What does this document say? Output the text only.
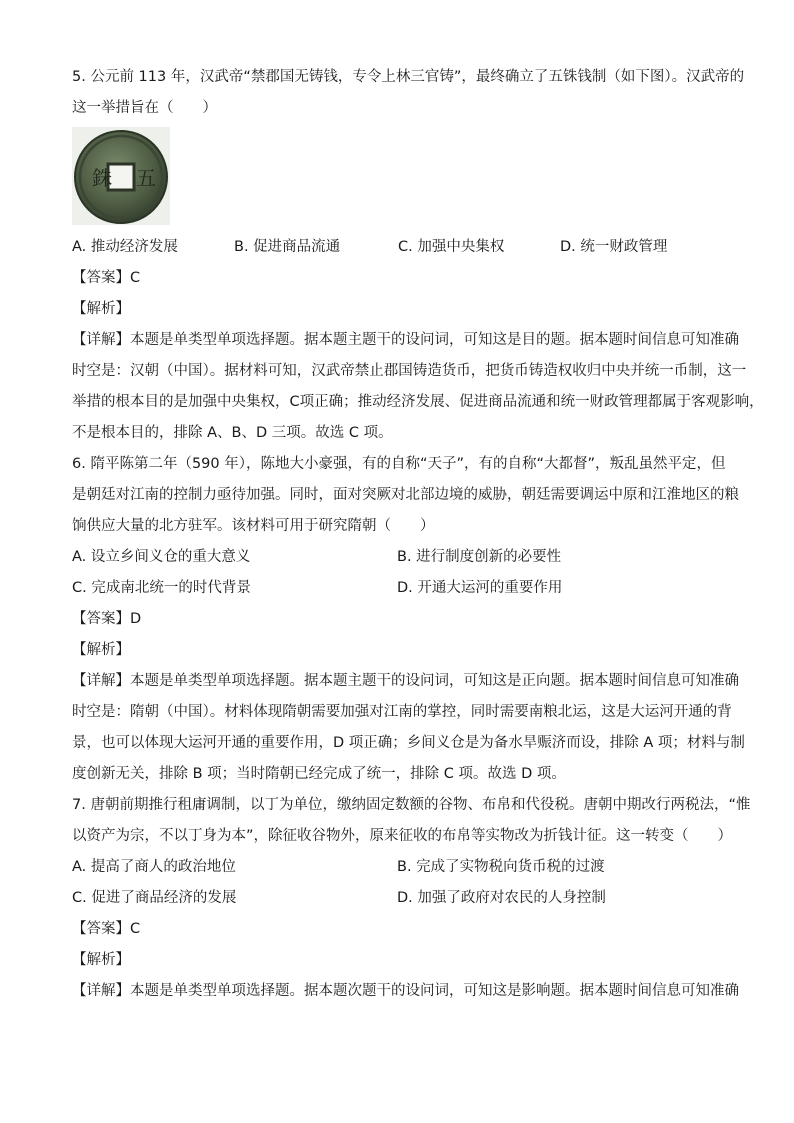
5. 公元前 113 年，汉武帝“禁郡国无铸钱，专令上林三官铸”，最终确立了五铢钱制（如下图）。汉武帝的
这一举措旨在（　　）
銖 五
A. 推动经济发展	B. 促进商品流通	C. 加强中央集权	D. 统一财政管理
【答案】C
【解析】
【详解】本题是单类型单项选择题。据本题主题干的设问词，可知这是目的题。据本题时间信息可知准确
时空是：汉朝（中国）。据材料可知，汉武帝禁止郡国铸造货币，把货币铸造权收归中央并统一币制，这一
举措的根本目的是加强中央集权，C项正确；推动经济发展、促进商品流通和统一财政管理都属于客观影响，
不是根本目的，排除 A、B、D 三项。故选 C 项。
6. 隋平陈第二年（590 年），陈地大小豪强，有的自称“天子”，有的自称“大都督”，叛乱虽然平定，但
是朝廷对江南的控制力亟待加强。同时，面对突厥对北部边境的威胁，朝廷需要调运中原和江淮地区的粮
饷供应大量的北方驻军。该材料可用于研究隋朝（　　）
A. 设立乡间义仓的重大意义	B. 进行制度创新的必要性
C. 完成南北统一的时代背景	D. 开通大运河的重要作用
【答案】D
【解析】
【详解】本题是单类型单项选择题。据本题主题干的设问词，可知这是正向题。据本题时间信息可知准确
时空是：隋朝（中国）。材料体现隋朝需要加强对江南的掌控，同时需要南粮北运，这是大运河开通的背
景，也可以体现大运河开通的重要作用，D 项正确；乡间义仓是为备水旱赈济而设，排除 A 项；材料与制
度创新无关，排除 B 项；当时隋朝已经完成了统一，排除 C 项。故选 D 项。
7. 唐朝前期推行租庸调制，以丁为单位，缴纳固定数额的谷物、布帛和代役税。唐朝中期改行两税法，“惟
以资产为宗，不以丁身为本”，除征收谷物外，原来征收的布帛等实物改为折钱计征。这一转变（　　）
A. 提高了商人的政治地位	B. 完成了实物税向货币税的过渡
C. 促进了商品经济的发展	D. 加强了政府对农民的人身控制
【答案】C
【解析】
【详解】本题是单类型单项选择题。据本题次题干的设问词，可知这是影响题。据本题时间信息可知准确
